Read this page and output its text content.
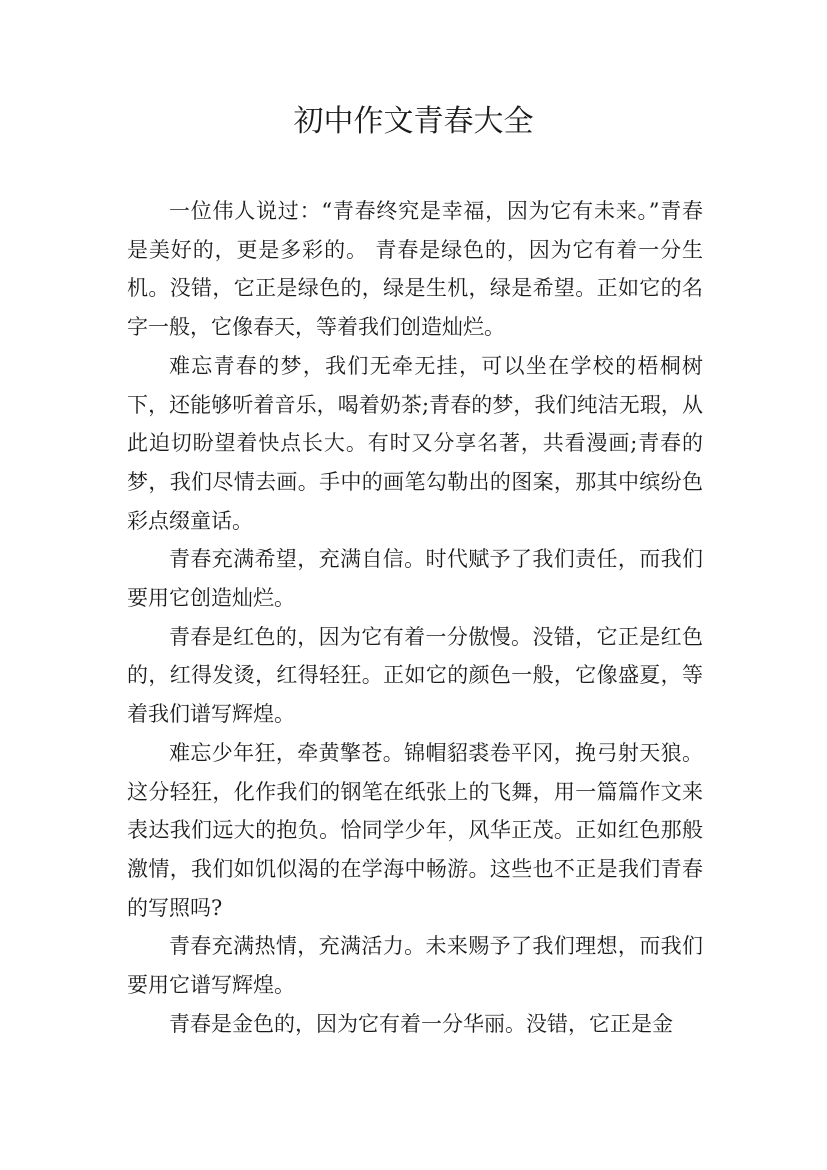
初中作文青春大全

一位伟人说过：“青春终究是幸福，因为它有未来。”青春是美好的，更是多彩的。 青春是绿色的，因为它有着一分生机。没错，它正是绿色的，绿是生机，绿是希望。正如它的名字一般，它像春天，等着我们创造灿烂。

难忘青春的梦，我们无牵无挂，可以坐在学校的梧桐树下，还能够听着音乐，喝着奶茶;青春的梦，我们纯洁无瑕，从此迫切盼望着快点长大。有时又分享名著，共看漫画;青春的梦，我们尽情去画。手中的画笔勾勒出的图案，那其中缤纷色彩点缀童话。

青春充满希望，充满自信。时代赋予了我们责任，而我们要用它创造灿烂。

青春是红色的，因为它有着一分傲慢。没错，它正是红色的，红得发烫，红得轻狂。正如它的颜色一般，它像盛夏，等着我们谱写辉煌。

难忘少年狂，牵黄擎苍。锦帽貂裘卷平冈，挽弓射天狼。这分轻狂，化作我们的钢笔在纸张上的飞舞，用一篇篇作文来表达我们远大的抱负。恰同学少年，风华正茂。正如红色那般激情，我们如饥似渴的在学海中畅游。这些也不正是我们青春的写照吗?

青春充满热情，充满活力。未来赐予了我们理想，而我们要用它谱写辉煌。

青春是金色的，因为它有着一分华丽。没错，它正是金
